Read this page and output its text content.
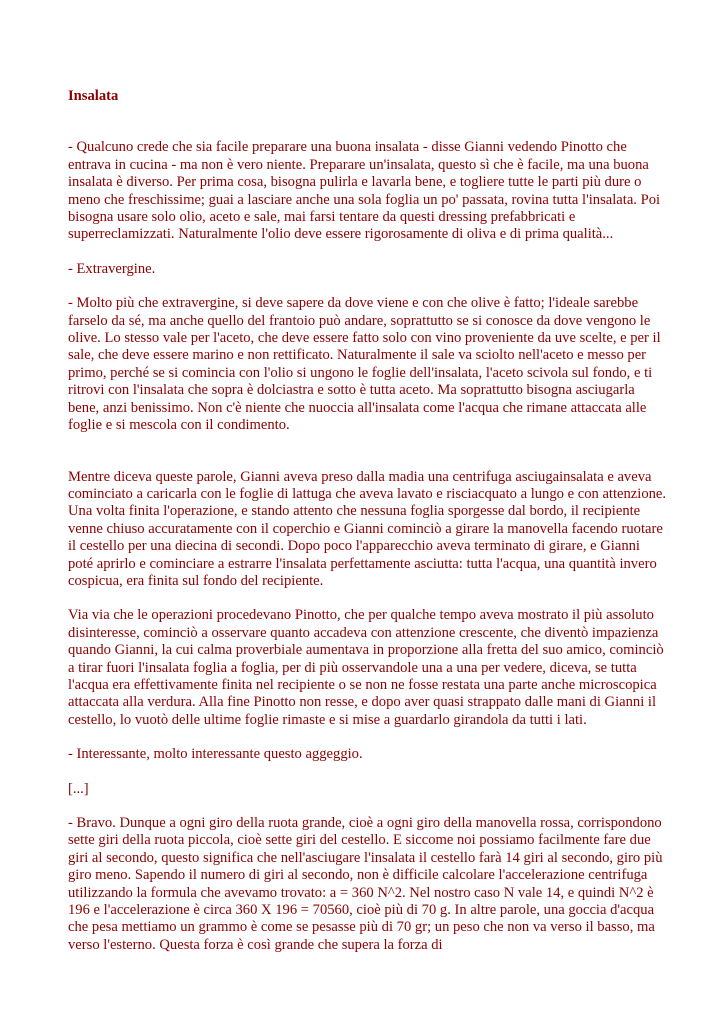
Insalata

- Qualcuno crede che sia facile preparare una buona insalata - disse Gianni vedendo Pinotto che entrava in cucina - ma non è vero niente. Preparare un'insalata, questo sì che è facile, ma una buona insalata è diverso. Per prima cosa, bisogna pulirla e lavarla bene, e togliere tutte le parti più dure o meno che freschissime; guai a lasciare anche una sola foglia un po' passata, rovina tutta l'insalata. Poi bisogna usare solo olio, aceto e sale, mai farsi tentare da questi dressing prefabbricati e superreclamizzati. Naturalmente l'olio deve essere rigorosamente di oliva e di prima qualità...

- Extravergine.

- Molto più che extravergine, si deve sapere da dove viene e con che olive è fatto; l'ideale sarebbe farselo da sé, ma anche quello del frantoio può andare, soprattutto se si conosce da dove vengono le olive. Lo stesso vale per l'aceto, che deve essere fatto solo con vino proveniente da uve scelte, e per il sale, che deve essere marino e non rettificato. Naturalmente il sale va sciolto nell'aceto e messo per primo, perché se si comincia con l'olio si ungono le foglie dell'insalata, l'aceto scivola sul fondo, e ti ritrovi con l'insalata che sopra è dolciastra e sotto è tutta aceto. Ma soprattutto bisogna asciugarla bene, anzi benissimo. Non c'è niente che nuoccia all'insalata come l'acqua che rimane attaccata alle foglie e si mescola con il condimento.

Mentre diceva queste parole, Gianni aveva preso dalla madia una centrifuga asciugainsalata e aveva cominciato a caricarla con le foglie di lattuga che aveva lavato e risciacquato a lungo e con attenzione. Una volta finita l'operazione, e stando attento che nessuna foglia sporgesse dal bordo, il recipiente venne chiuso accuratamente con il coperchio e Gianni cominciò a girare la manovella facendo ruotare il cestello per una diecina di secondi. Dopo poco l'apparecchio aveva terminato di girare, e Gianni poté aprirlo e cominciare a estrarre l'insalata perfettamente asciutta: tutta l'acqua, una quantità invero cospicua, era finita sul fondo del recipiente.

Via via che le operazioni procedevano Pinotto, che per qualche tempo aveva mostrato il più assoluto disinteresse, cominciò a osservare quanto accadeva con attenzione crescente, che diventò impazienza quando Gianni, la cui calma proverbiale aumentava in proporzione alla fretta del suo amico, cominciò a tirar fuori l'insalata foglia a foglia, per di più osservandole una a una per vedere, diceva, se tutta l'acqua era effettivamente finita nel recipiente o se non ne fosse restata una parte anche microscopica attaccata alla verdura. Alla fine Pinotto non resse, e dopo aver quasi strappato dalle mani di Gianni il cestello, lo vuotò delle ultime foglie rimaste e si mise a guardarlo girandola da tutti i lati.

- Interessante, molto interessante questo aggeggio.

[...]

- Bravo. Dunque a ogni giro della ruota grande, cioè a ogni giro della manovella rossa, corrispondono sette giri della ruota piccola, cioè sette giri del cestello. E siccome noi possiamo facilmente fare due giri al secondo, questo significa che nell'asciugare l'insalata il cestello farà 14 giri al secondo, giro più giro meno. Sapendo il numero di giri al secondo, non è difficile calcolare l'accelerazione centrifuga utilizzando la formula che avevamo trovato: a = 360 N^2. Nel nostro caso N vale 14, e quindi N^2 è 196 e l'accelerazione è circa 360 X 196 = 70560, cioè più di 70 g. In altre parole, una goccia d'acqua che pesa mettiamo un grammo è come se pesasse più di 70 gr; un peso che non va verso il basso, ma verso l'esterno. Questa forza è così grande che supera la forza di
